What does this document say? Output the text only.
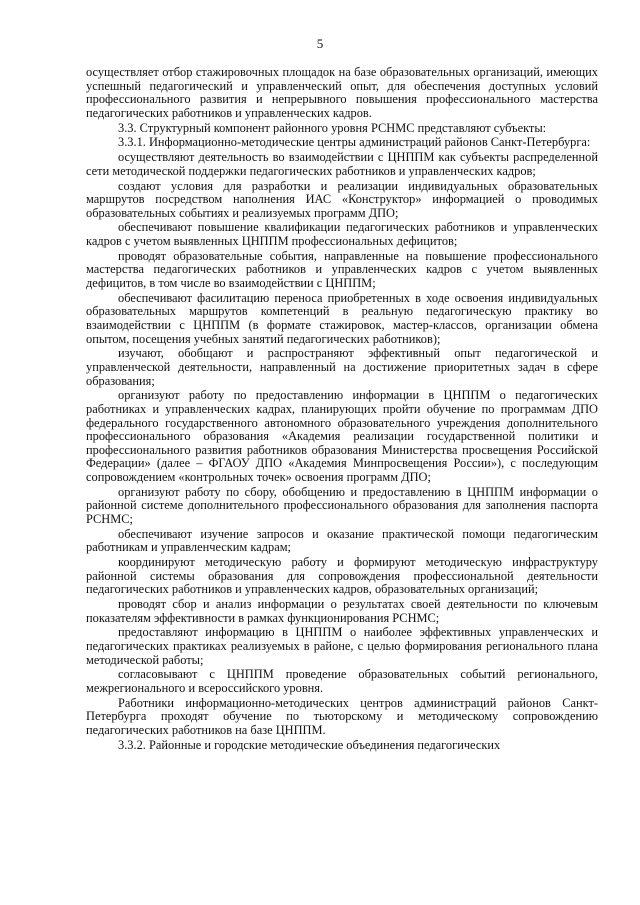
5

осуществляет отбор стажировочных площадок на базе образовательных организаций, имеющих успешный педагогический и управленческий опыт, для обеспечения доступных условий профессионального развития и непрерывного повышения профессионального мастерства педагогических работников и управленческих кадров.

3.3. Структурный компонент районного уровня РСНМС представляют субъекты:

3.3.1. Информационно-методические центры администраций районов Санкт-Петербурга:

осуществляют деятельность во взаимодействии с ЦНППМ как субъекты распределенной сети методической поддержки педагогических работников и управленческих кадров;

создают условия для разработки и реализации индивидуальных образовательных маршрутов посредством наполнения ИАС «Конструктор» информацией о проводимых образовательных событиях и реализуемых программ ДПО;

обеспечивают повышение квалификации педагогических работников и управленческих кадров с учетом выявленных ЦНППМ профессиональных дефицитов;

проводят образовательные события, направленные на повышение профессионального мастерства педагогических работников и управленческих кадров с учетом выявленных дефицитов, в том числе во взаимодействии с ЦНППМ;

обеспечивают фасилитацию переноса приобретенных в ходе освоения индивидуальных образовательных маршрутов компетенций в реальную педагогическую практику во взаимодействии с ЦНППМ (в формате стажировок, мастер-классов, организации обмена опытом, посещения учебных занятий педагогических работников);

изучают, обобщают и распространяют эффективный опыт педагогической и управленческой деятельности, направленный на достижение приоритетных задач в сфере образования;

организуют работу по предоставлению информации в ЦНППМ о педагогических работниках и управленческих кадрах, планирующих пройти обучение по программам ДПО федерального государственного автономного образовательного учреждения дополнительного профессионального образования «Академия реализации государственной политики и профессионального развития работников образования Министерства просвещения Российской Федерации» (далее – ФГАОУ ДПО «Академия Минпросвещения России»), с последующим сопровождением «контрольных точек» освоения программ ДПО;

организуют работу по сбору, обобщению и предоставлению в ЦНППМ информации о районной системе дополнительного профессионального образования для заполнения паспорта РСНМС;

обеспечивают изучение запросов и оказание практической помощи педагогическим работникам и управленческим кадрам;

координируют методическую работу и формируют методическую инфраструктуру районной системы образования для сопровождения профессиональной деятельности педагогических работников и управленческих кадров, образовательных организаций;

проводят сбор и анализ информации о результатах своей деятельности по ключевым показателям эффективности в рамках функционирования РСНМС;

предоставляют информацию в ЦНППМ о наиболее эффективных управленческих и педагогических практиках реализуемых в районе, с целью формирования регионального плана методической работы;

согласовывают с ЦНППМ проведение образовательных событий регионального, межрегионального и всероссийского уровня.

Работники информационно-методических центров администраций районов Санкт-Петербурга проходят обучение по тьюторскому и методическому сопровождению педагогических работников на базе ЦНППМ.

3.3.2. Районные и городские методические объединения педагогических
